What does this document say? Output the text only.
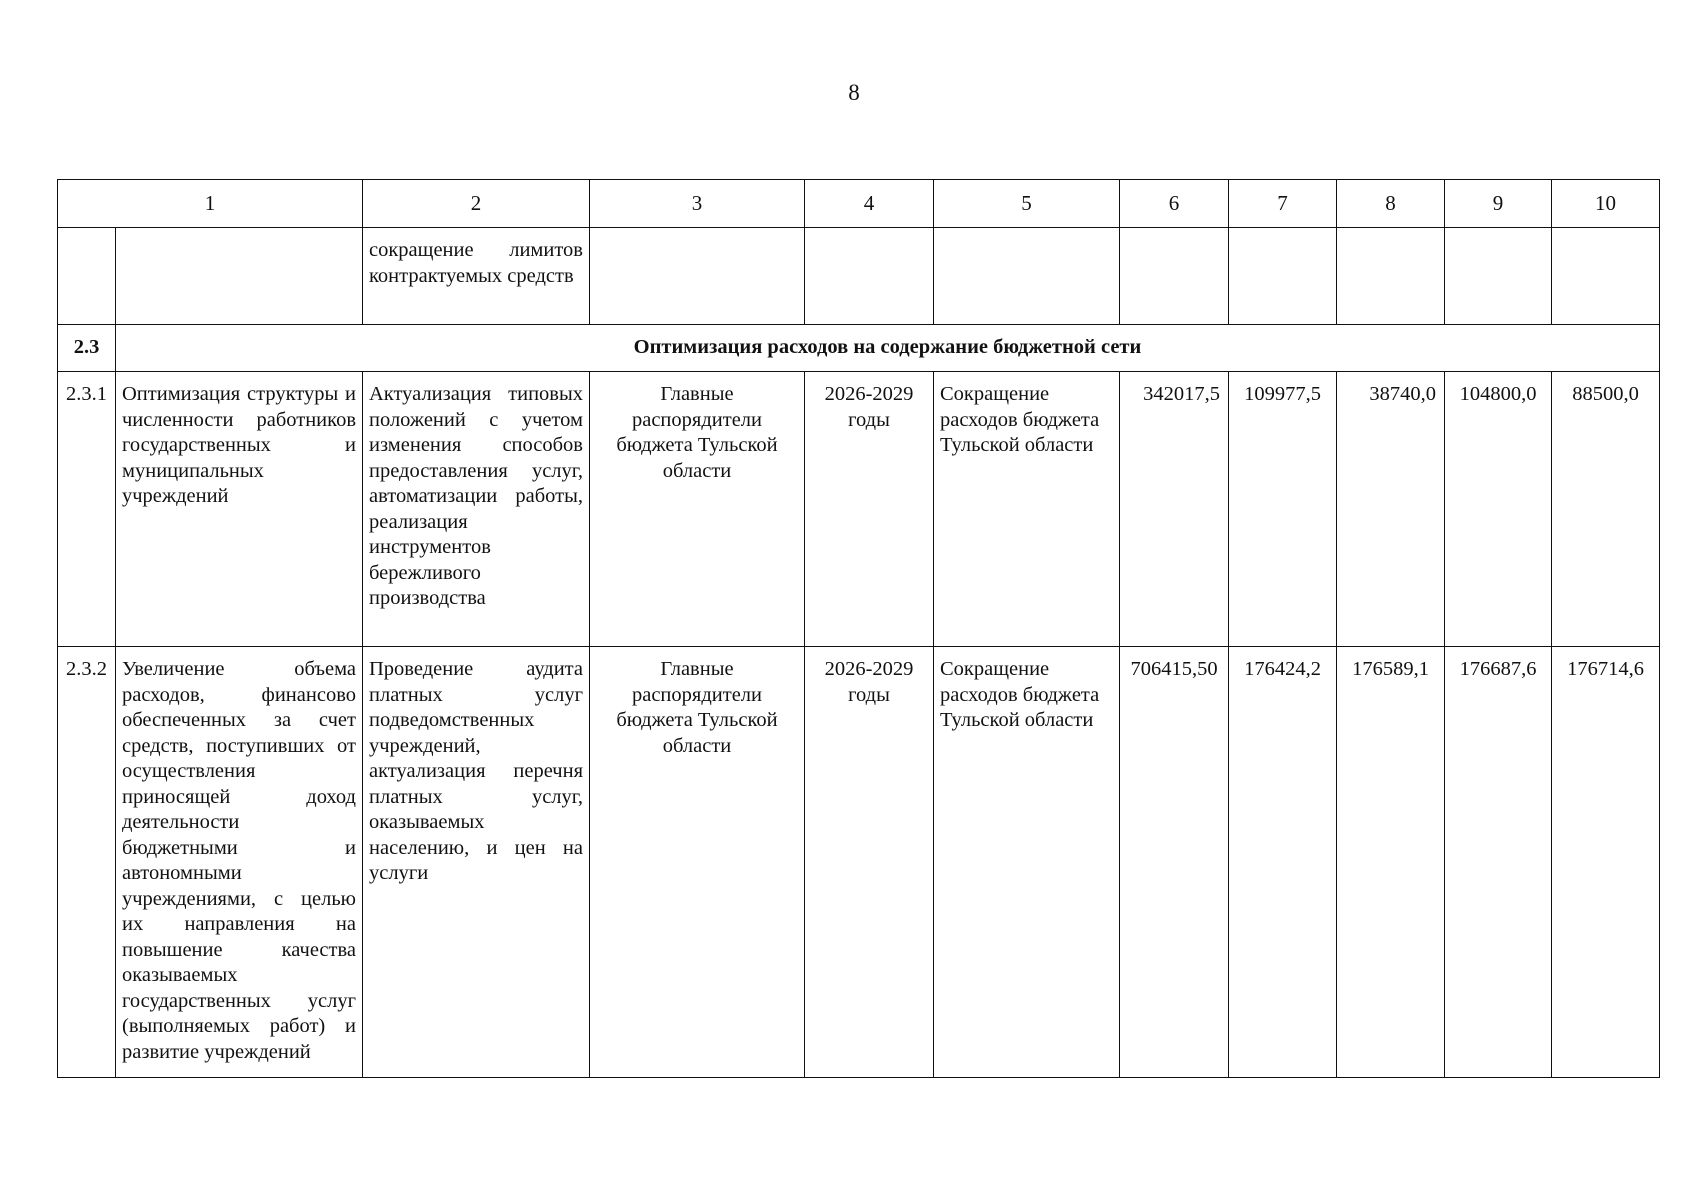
8
1		2	3	4	5	6	7	8	9	10
		сокращение лимитов контрактуемых средств								
2.3	Оптимизация расходов на содержание бюджетной сети									
2.3.1	Оптимизация структуры и численности работников государственных и муниципальных учреждений	Актуализация типовых положений с учетом изменения способов предоставления услуг, автоматизации работы, реализация инструментов бережливого производства	Главные распорядители бюджета Тульской области	2026-2029 годы	Сокращение расходов бюджета Тульской области	342017,5	109977,5	38740,0	104800,0	88500,0
2.3.2	Увеличение объема расходов, финансово обеспеченных за счет средств, поступивших от осуществления приносящей доход деятельности бюджетными и автономными учреждениями, с целью их направления на повышение качества оказываемых государственных услуг (выполняемых работ) и развитие учреждений	Проведение аудита платных услуг подведомственных учреждений, актуализация перечня платных услуг, оказываемых населению, и цен на услуги	Главные распорядители бюджета Тульской области	2026-2029 годы	Сокращение расходов бюджета Тульской области	706415,50	176424,2	176589,1	176687,6	176714,6
